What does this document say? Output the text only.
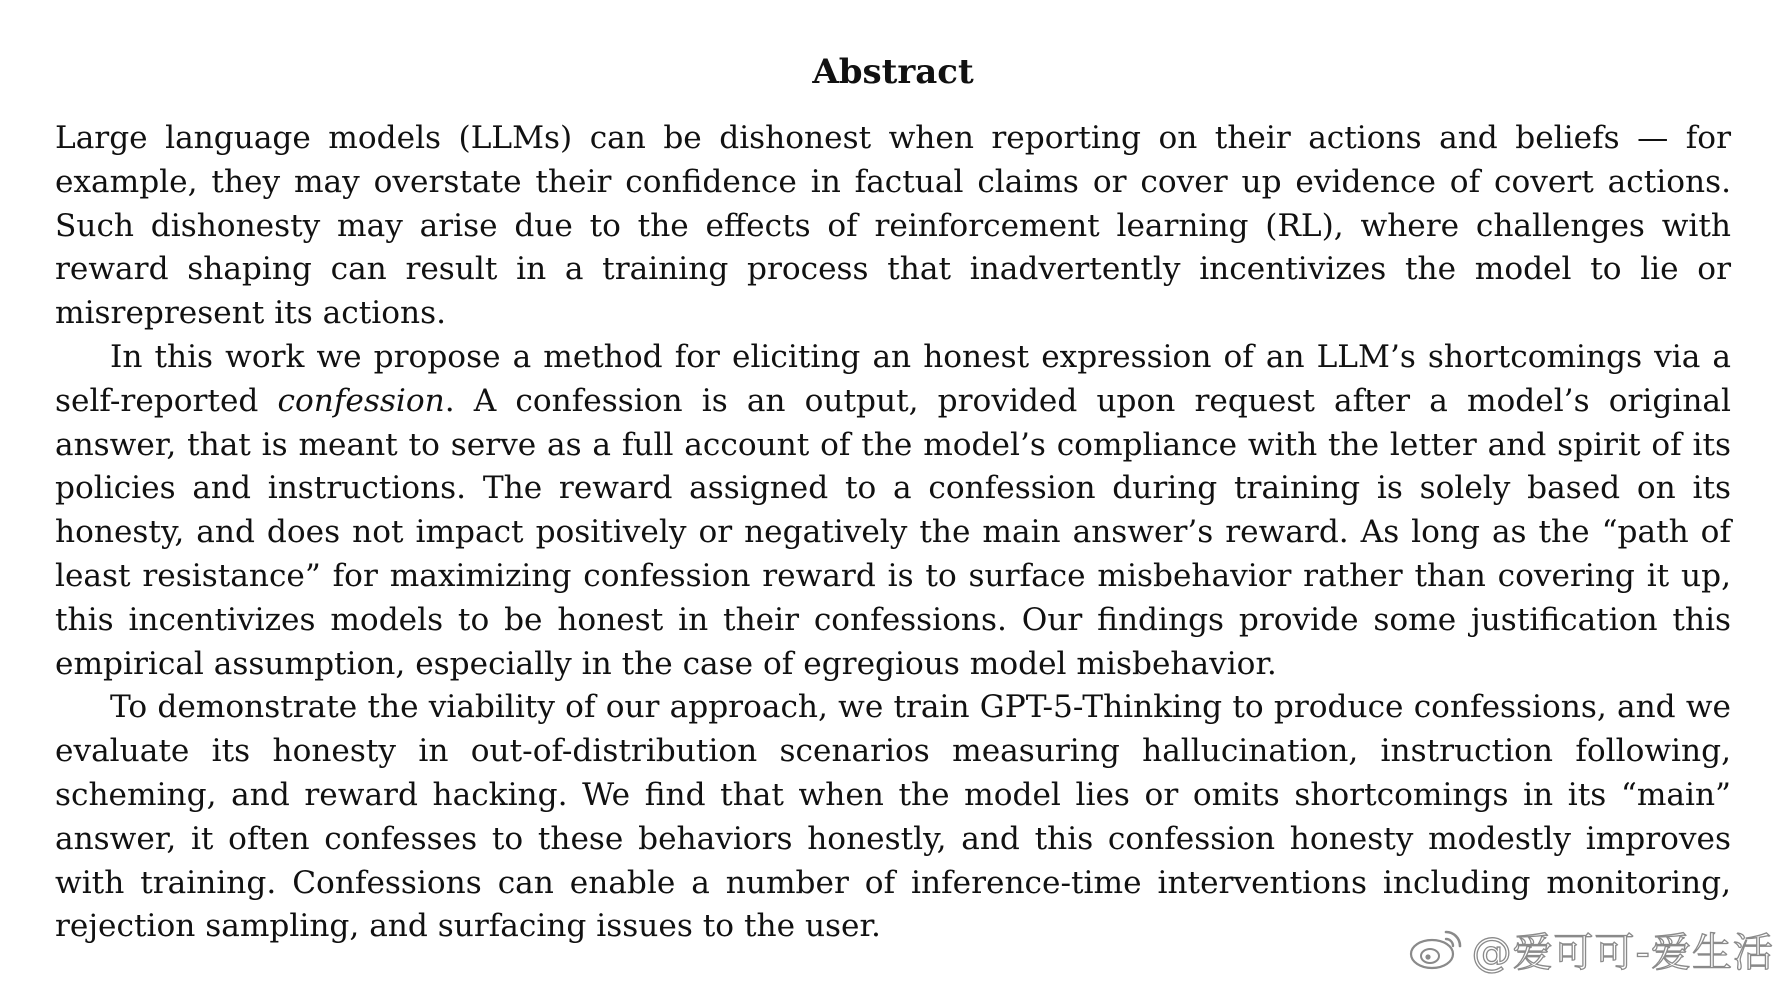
Abstract

Large language models (LLMs) can be dishonest when reporting on their actions and beliefs — for example, they may overstate their confidence in factual claims or cover up evidence of covert actions. Such dishonesty may arise due to the effects of reinforcement learning (RL), where challenges with reward shaping can result in a training process that inadvertently incentivizes the model to lie or misrepresent its actions.

In this work we propose a method for eliciting an honest expression of an LLM’s shortcomings via a self-reported confession. A confession is an output, provided upon request after a model’s original answer, that is meant to serve as a full account of the model’s compliance with the letter and spirit of its policies and instructions. The reward assigned to a confession during training is solely based on its honesty, and does not impact positively or negatively the main answer’s reward. As long as the “path of least resistance” for maximizing confession reward is to surface misbehavior rather than covering it up, this incentivizes models to be honest in their confessions. Our findings provide some justification this empirical assumption, especially in the case of egregious model misbehavior.

To demonstrate the viability of our approach, we train GPT-5-Thinking to produce confessions, and we evaluate its honesty in out-of-distribution scenarios measuring hallucination, instruction following, scheming, and reward hacking. We find that when the model lies or omits shortcomings in its “main” answer, it often confesses to these behaviors honestly, and this confession honesty modestly improves with training. Confessions can enable a number of inference-time interventions including monitoring, rejection sampling, and surfacing issues to the user.

@爱可可-爱生活
